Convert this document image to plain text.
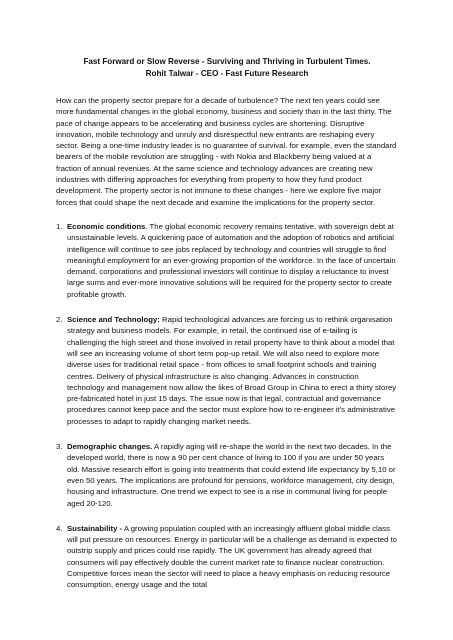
Fast Forward or Slow Reverse - Surviving and Thriving in Turbulent Times.
Rohit Talwar - CEO - Fast Future Research

How can the property sector prepare for a decade of turbulence? The next ten years could see more fundamental changes in the global economy, business and society than in the last thirty. The pace of change appears to be accelerating and business cycles are shortening. Disruptive innovation, mobile technology and unruly and disrespectful new entrants are reshaping every sector. Being a one-time industry leader is no guarantee of survival. for example, even the standard bearers of the mobile revolution are struggling - with Nokia and Blackberry being valued at a fraction of annual revenues. At the same science and technology advances are creating new industries with differing approaches for everything from property to how they fund product development. The property sector is not immune to these changes - here we explore five major forces that could shape the next decade and examine the implications for the property sector.

1. Economic conditions. The global economic recovery remains tentative, with sovereign debt at unsustainable levels. A quickening pace of automation and the adoption of robotics and artificial intelligence will continue to see jobs replaced by technology and countries will struggle to find meaningful employment for an ever-growing proportion of the workforce. In the face of uncertain demand, corporations and professional investors will continue to display a reluctance to invest large sums and ever-more innovative solutions will be required for the property sector to create profitable growth.
2. Science and Technology: Rapid technological advances are forcing us to rethink organisation strategy and business models. For example, in retail, the continued rise of e-tailing is challenging the high street and those involved in retail property have to think about a model that will see an increasing volume of short term pop-up retail. We will also need to explore more diverse uses for traditional retail space - from offices to small footprint schools and training centres. Delivery of physical infrastructure is also changing. Advances in construction technology and management now allow the likes of Broad Group in China to erect a thirty storey pre-fabricated hotel in just 15 days. The issue now is that legal, contractual and governance procedures cannot keep pace and the sector must explore how to re-engineer it's administrative processes to adapt to rapidly changing market needs.
3. Demographic changes. A rapidly aging will re-shape the world in the next two decades. In the developed world, there is now a 90 per cent chance of living to 100 if you are under 50 years old. Massive research effort is going into treatments that could extend life expectancy by 5,10 or even 50 years. The implications are profound for pensions, workforce management, city design, housing and infrastructure. One trend we expect to see is a rise in communal living for people aged 20-120.
4. Sustainability - A growing population coupled with an increasingly affluent global middle class will put pressure on resources. Energy in particular will be a challenge as demand is expected to outstrip supply and prices could rise rapidly. The UK government has already agreed that consumers will pay effectively double the current market rate to finance nuclear construction. Competitive forces mean the sector will need to place a heavy emphasis on reducing resource consumption, energy usage and the total
